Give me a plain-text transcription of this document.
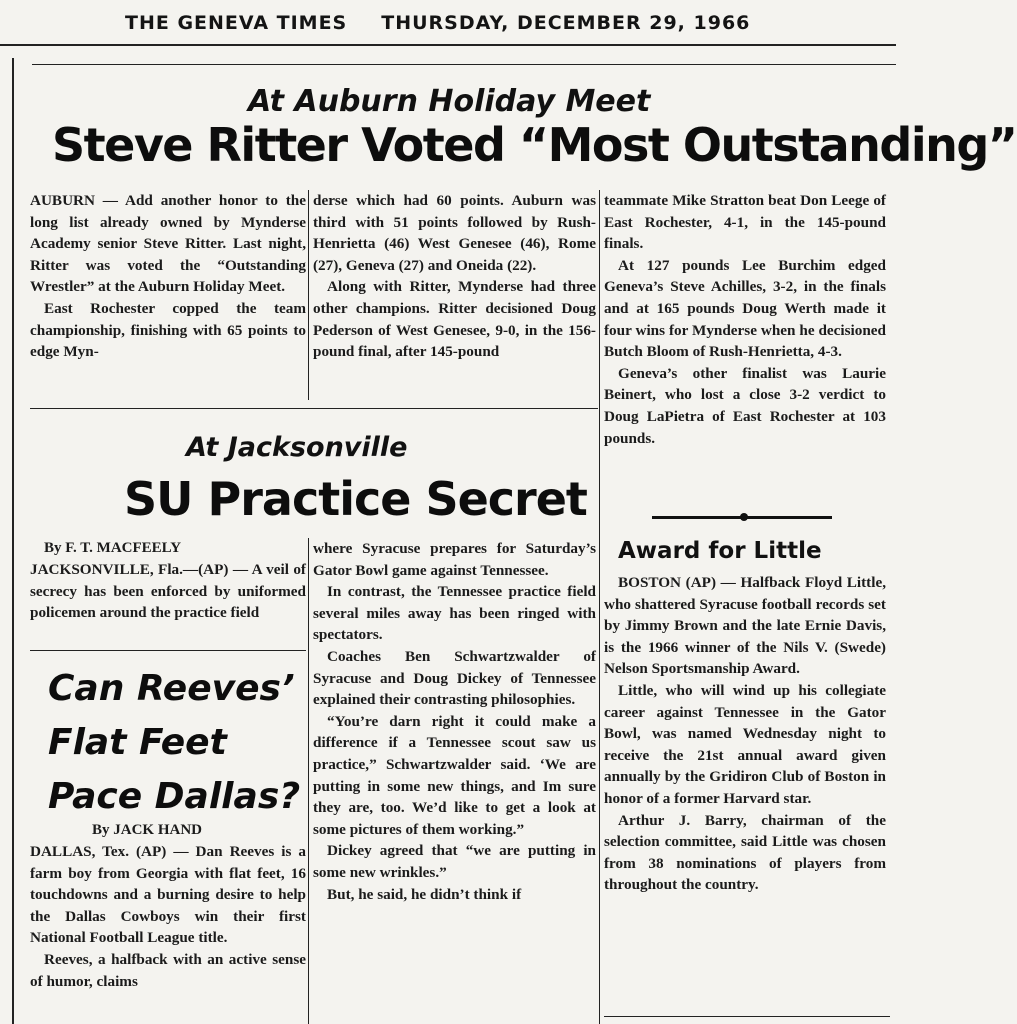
THE GENEVA TIMES THURSDAY, DECEMBER 29, 1966
At Auburn Holiday Meet
Steve Ritter Voted “Most Outstanding”

AUBURN — Add another honor to the long list already owned by Mynderse Academy senior Steve Ritter. Last night, Ritter was voted the “Outstanding Wrestler” at the Auburn Holiday Meet.

East Rochester copped the team championship, finishing with 65 points to edge Myn-

derse which had 60 points. Auburn was third with 51 points followed by Rush-Henrietta (46) West Genesee (46), Rome (27), Geneva (27) and Oneida (22).

Along with Ritter, Mynderse had three other champions. Ritter decisioned Doug Pederson of West Genesee, 9-0, in the 156-pound final, after 145-pound

teammate Mike Stratton beat Don Leege of East Rochester, 4-1, in the 145-pound finals.

At 127 pounds Lee Burchim edged Geneva’s Steve Achilles, 3-2, in the finals and at 165 pounds Doug Werth made it four wins for Mynderse when he decisioned Butch Bloom of Rush-Henrietta, 4-3.

Geneva’s other finalist was Laurie Beinert, who lost a close 3-2 verdict to Doug LaPietra of East Rochester at 103 pounds.

At Jacksonville
SU Practice Secret
By F. T. MACFEELY

JACKSONVILLE, Fla.—(AP) — A veil of secrecy has been enforced by uniformed policemen around the practice field

where Syracuse prepares for Saturday’s Gator Bowl game against Tennessee.

In contrast, the Tennessee practice field several miles away has been ringed with spectators.

Coaches Ben Schwartzwalder of Syracuse and Doug Dickey of Tennessee explained their contrasting philosophies.

“You’re darn right it could make a difference if a Tennessee scout saw us practice,” Schwartzwalder said. ‘We are putting in some new things, and Im sure they are, too. We’d like to get a look at some pictures of them working.”

Dickey agreed that “we are putting in some new wrinkles.”

But, he said, he didn’t think if

Can Reeves’
Flat Feet
Pace Dallas?
By JACK HAND

DALLAS, Tex. (AP) — Dan Reeves is a farm boy from Georgia with flat feet, 16 touchdowns and a burning desire to help the Dallas Cowboys win their first National Football League title.

Reeves, a halfback with an active sense of humor, claims

Award for Little

BOSTON (AP) — Halfback Floyd Little, who shattered Syracuse football records set by Jimmy Brown and the late Ernie Davis, is the 1966 winner of the Nils V. (Swede) Nelson Sportsmanship Award.

Little, who will wind up his collegiate career against Tennessee in the Gator Bowl, was named Wednesday night to receive the 21st annual award given annually by the Gridiron Club of Boston in honor of a former Harvard star.

Arthur J. Barry, chairman of the selection committee, said Little was chosen from 38 nominations of players from throughout the country.
